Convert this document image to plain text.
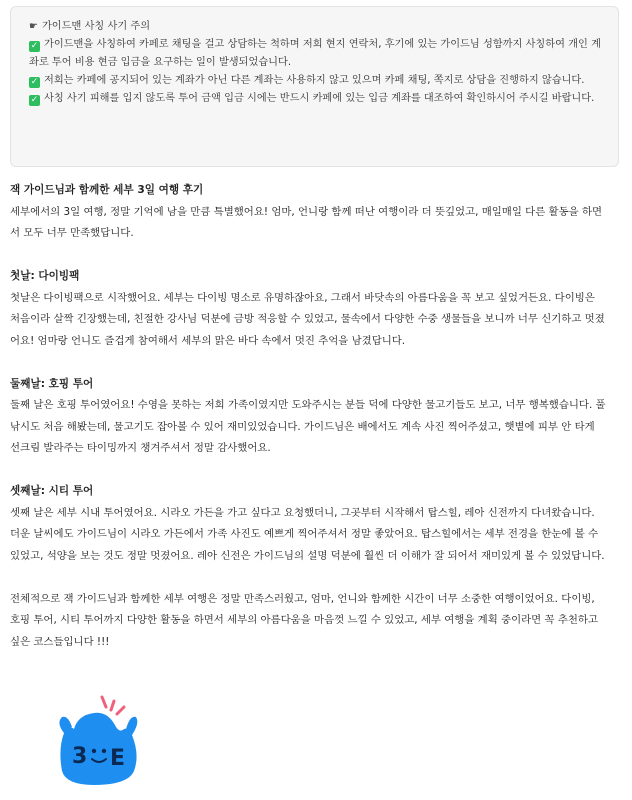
☛ 가이드맨 사칭 사기 주의
✓ 가이드맨을 사칭하여 카페로 채팅을 걸고 상담하는 척하며 저희 현지 연락처, 후기에 있는 가이드님 성함까지 사칭하여 개인 계좌로 투어 비용 현금 입금을 요구하는 일이 발생되었습니다.
✓ 저희는 카페에 공지되어 있는 계좌가 아닌 다른 계좌는 사용하지 않고 있으며 카페 채팅, 쪽지로 상담을 진행하지 않습니다.
✓ 사칭 사기 피해를 입지 않도록 투어 금액 입금 시에는 반드시 카페에 있는 입금 계좌를 대조하여 확인하시어 주시길 바랍니다.
잭 가이드님과 함께한 세부 3일 여행 후기

세부에서의 3일 여행, 정말 기억에 남을 만큼 특별했어요! 엄마, 언니랑 함께 떠난 여행이라 더 뜻깊었고, 매일매일 다른 활동을 하면서 모두 너무 만족했답니다.

첫날: 다이빙팩

첫날은 다이빙팩으로 시작했어요. 세부는 다이빙 명소로 유명하잖아요, 그래서 바닷속의 아름다움을 꼭 보고 싶었거든요. 다이빙은 처음이라 살짝 긴장했는데, 친절한 강사님 덕분에 금방 적응할 수 있었고, 물속에서 다양한 수중 생물들을 보니까 너무 신기하고 멋졌어요! 엄마랑 언니도 즐겁게 참여해서 세부의 맑은 바다 속에서 멋진 추억을 남겼답니다.

둘째날: 호핑 투어

둘째 날은 호핑 투어였어요! 수영을 못하는 저희 가족이였지만 도와주시는 분들 덕에 다양한 물고기들도 보고, 너무 행복했습니다. 풀낚시도 처음 해봤는데, 물고기도 잡아볼 수 있어 재미있었습니다. 가이드님은 배에서도 계속 사진 찍어주셨고, 햇볕에 피부 안 타게 선크림 발라주는 타이밍까지 챙겨주셔서 정말 감사했어요.

셋째날: 시티 투어

셋째 날은 세부 시내 투어였어요. 시라오 가든을 가고 싶다고 요청했더니, 그곳부터 시작해서 탑스힐, 레아 신전까지 다녀왔습니다. 더운 날씨에도 가이드님이 시라오 가든에서 가족 사진도 예쁘게 찍어주셔서 정말 좋았어요. 탑스힐에서는 세부 전경을 한눈에 볼 수 있었고, 석양을 보는 것도 정말 멋졌어요. 레아 신전은 가이드님의 설명 덕분에 훨씬 더 이해가 잘 되어서 재미있게 볼 수 있었답니다.

전체적으로 잭 가이드님과 함께한 세부 여행은 정말 만족스러웠고, 엄마, 언니와 함께한 시간이 너무 소중한 여행이었어요. 다이빙, 호핑 투어, 시티 투어까지 다양한 활동을 하면서 세부의 아름다움을 마음껏 느낄 수 있었고, 세부 여행을 계획 중이라면 꼭 추천하고 싶은 코스들입니다 !!!

3 E
